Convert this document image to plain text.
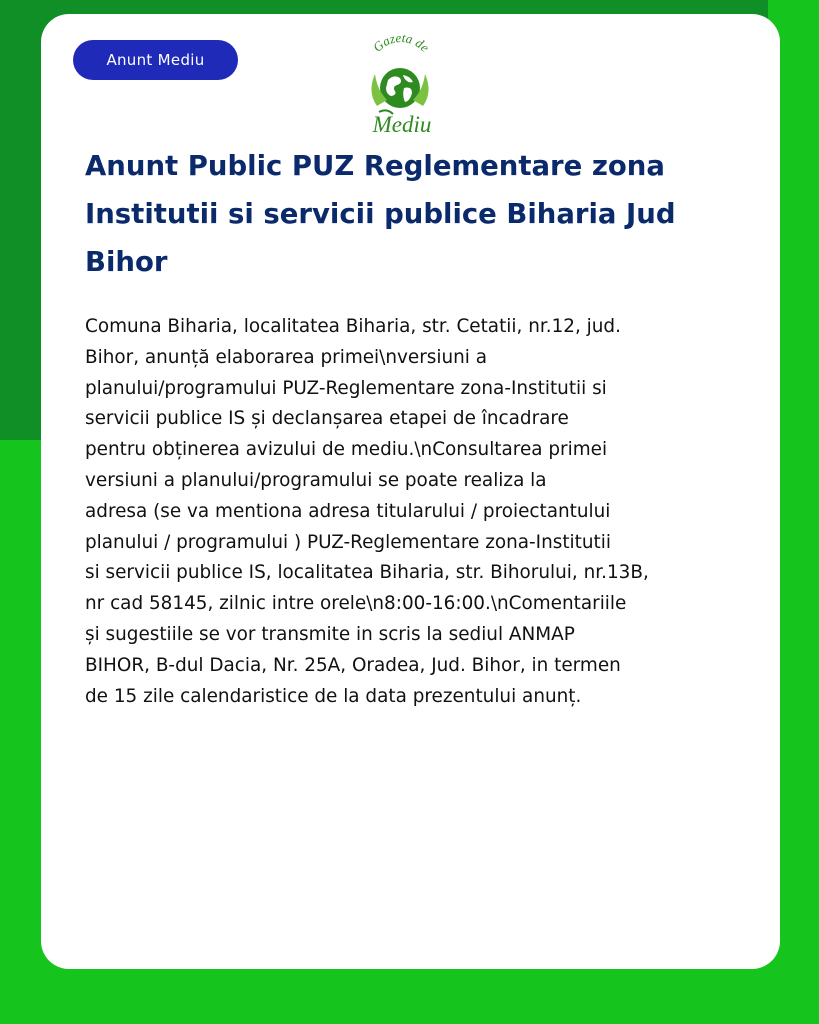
Anunt Mediu
Gazeta de
Mediu
Anunt Public PUZ Reglementare zona Institutii si servicii publice Biharia Jud Bihor

Comuna Biharia, localitatea Biharia, str. Cetatii, nr.12, jud.
Bihor, anunță elaborarea primei\nversiuni a
planului/programului PUZ-Reglementare zona-Institutii si
servicii publice IS și declanșarea etapei de încadrare
pentru obținerea avizului de mediu.\nConsultarea primei
versiuni a planului/programului se poate realiza la
adresa (se va mentiona adresa titularului / proiectantului
planului / programului ) PUZ-Reglementare zona-Institutii
si servicii publice IS, localitatea Biharia, str. Bihorului, nr.13B,
nr cad 58145, zilnic intre orele\n8:00-16:00.\nComentariile
și sugestiile se vor transmite in scris la sediul ANMAP
BIHOR, B-dul Dacia, Nr. 25A, Oradea, Jud. Bihor, in termen
de 15 zile calendaristice de la data prezentului anunț.
